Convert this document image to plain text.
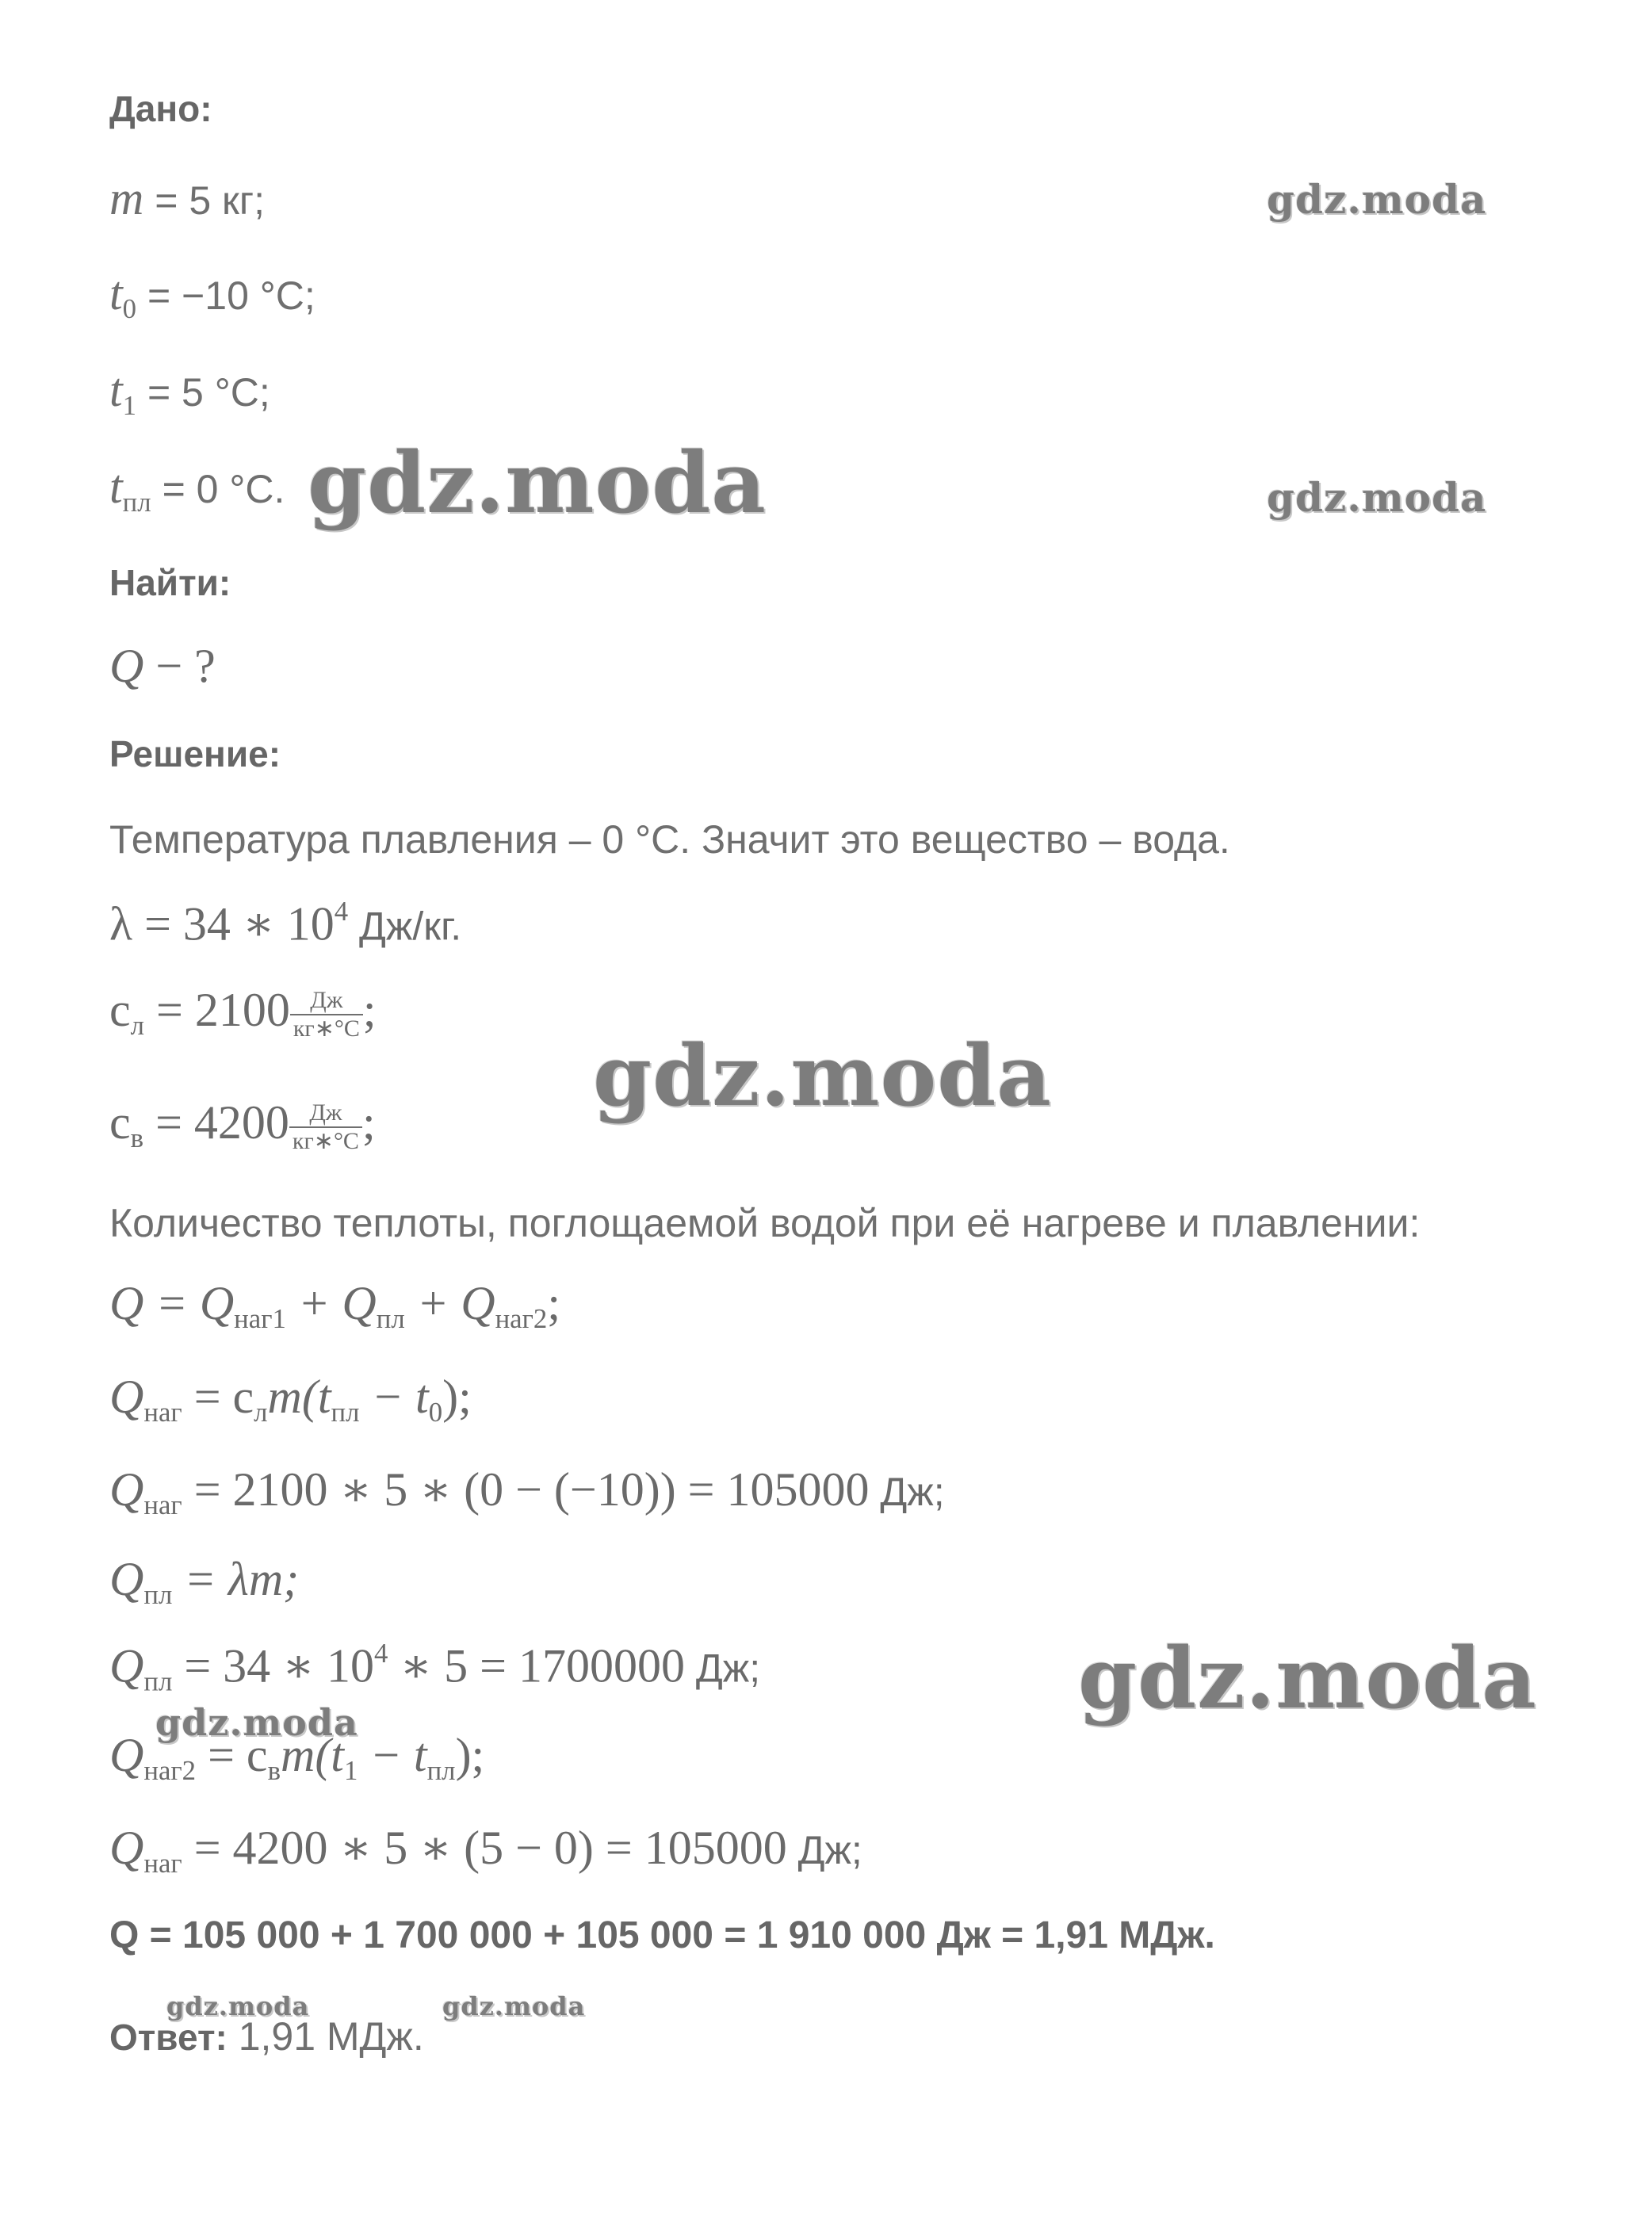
Дано:
m = 5 кг;
$t_0 = -10$ °C;
$t_1 = 5$ °C;
$t_{пл} = 0$ °C.
Найти:
Q − ?
Решение:
Температура плавления – 0 °C. Значит это вещество – вода.
λ = 34 ∗ $10^4$ Дж/кг.
$c_л = 2100 \frac{Дж}{кг∗^\circ C}$ ;
$c_в = 4200 \frac{Дж}{кг∗^\circ C}$ ;
Количество теплоты, поглощаемой водой при её нагреве и плавлении:
$Q = Q_{наг1} + Q_{пл} + Q_{наг2}$;
$Q_{наг} = c_лm(t_{пл} - t_0)$;
$Q_{наг} = 2100$ ∗ 5 ∗ (0 − (−10)) = 105000 Дж;
$Q_{пл} = \lambda m$;
$Q_{пл} = 34$ ∗ $10^4$ ∗ 5 = 1700000 Дж;
$Q_{наг2} = c_вm(t_1 - t_{пл})$;
$Q_{наг} = 4200$ ∗ 5 ∗ (5 − 0) = 105000 Дж;
Q = 105 000 + 1 700 000 + 105 000 = 1 910 000 Дж = 1,91 МДж.
Ответ: 1,91 МДж.
gdz.moda
gdz.moda	gdz.moda
gdz.moda
gdz.moda
gdz.moda
gdz.moda	gdz.moda
